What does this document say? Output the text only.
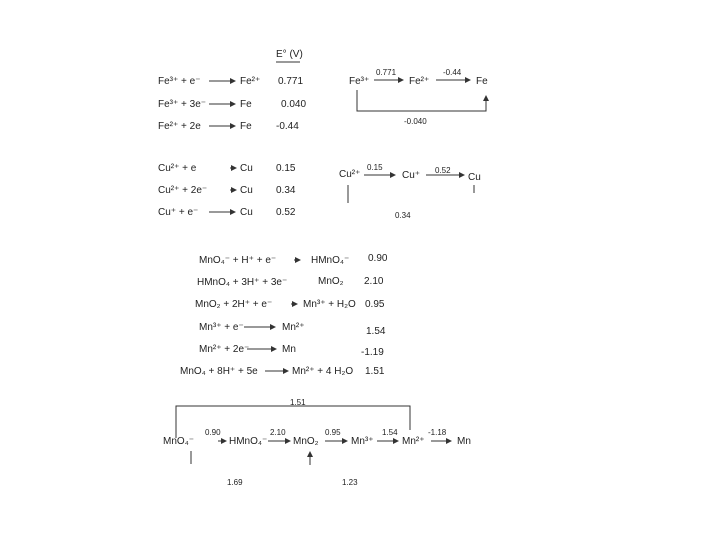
E° (V)
Fe³⁺ + e⁻	Fe²⁺ 0.771
Fe³⁺ + 3e⁻	Fe	0.040
Fe²⁺ + 2e	Fe -0.44
Fe³⁺	Fe²⁺	Fe
0.771	-0.44
-0.040
Cu²⁺ + e	Cu 0.15
Cu²⁺ + 2e⁻	Cu 0.34
Cu⁺ + e⁻	Cu 0.52
Cu²⁺	Cu⁺	Cu
0.15	0.52
0.34
MnO₄⁻ + H⁺ + e⁻	HMnO₄⁻ 0.90
HMnO₄ + 3H⁺ + 3e⁻	MnO₂ 2.10
MnO₂ + 2H⁺ + e⁻	Mn³⁺ + H₂O 0.95
Mn³⁺ + e⁻	Mn²⁺	1.54
Mn²⁺ + 2e⁻	Mn	-1.19
MnO₄ + 8H⁺ + 5e	Mn²⁺ + 4 H₂O 1.51
1.51
MnO₄⁻	HMnO₄⁻	MnO₂	Mn³⁺	Mn²⁺	Mn
0.90	2.10	0.95	1.54	-1.18
1.69	1.23
